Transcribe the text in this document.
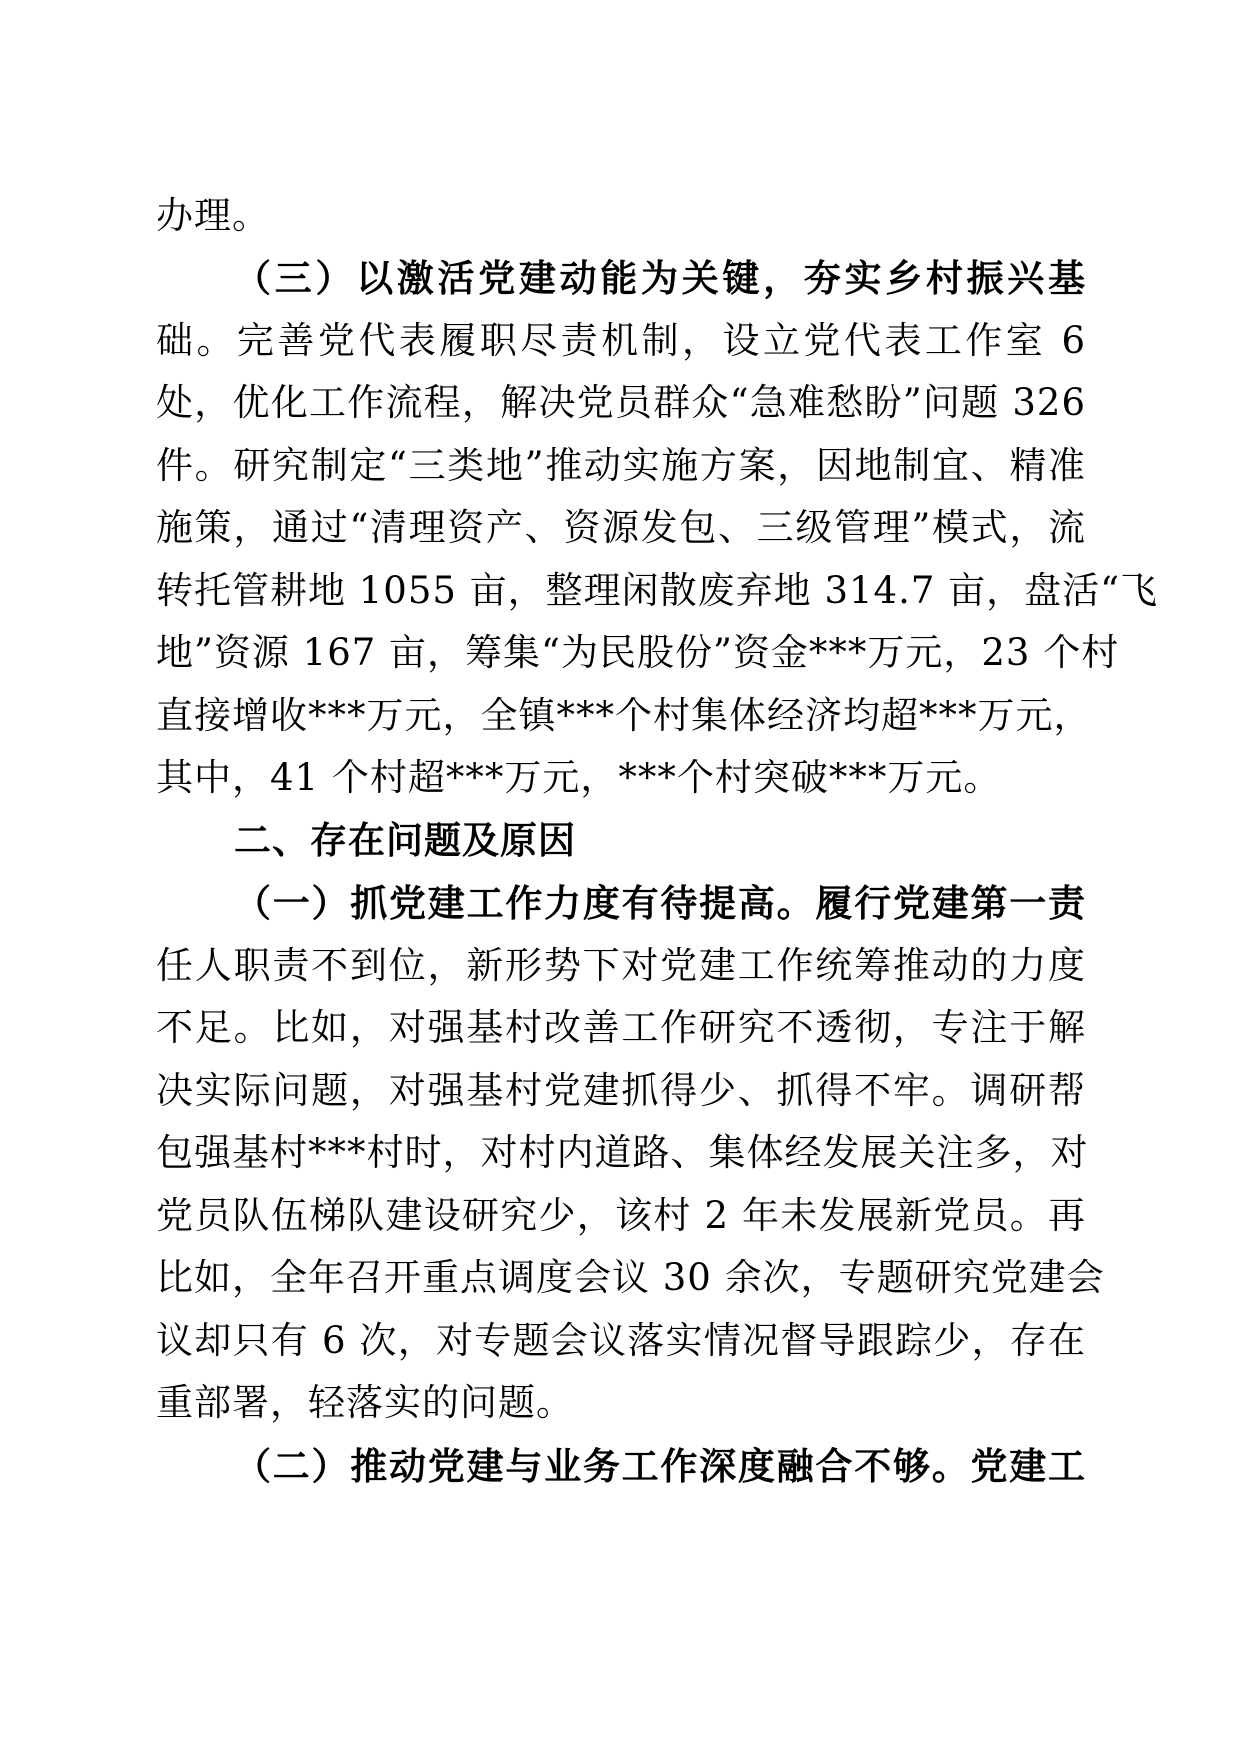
办理。
（三）以激活党建动能为关键，夯实乡村振兴基
础。完善党代表履职尽责机制，设立党代表工作室 6
处，优化工作流程，解决党员群众“急难愁盼”问题 326
件。研究制定“三类地”推动实施方案，因地制宜、精准
施策，通过“清理资产、资源发包、三级管理”模式，流
转托管耕地 1055 亩，整理闲散废弃地 314.7 亩，盘活“飞
地”资源 167 亩，筹集“为民股份”资金***万元，23 个村
直接增收***万元，全镇***个村集体经济均超***万元，
其中，41 个村超***万元，***个村突破***万元。
二、存在问题及原因
（一）抓党建工作力度有待提高。履行党建第一责
任人职责不到位，新形势下对党建工作统筹推动的力度
不足。比如，对强基村改善工作研究不透彻，专注于解
决实际问题，对强基村党建抓得少、抓得不牢。调研帮
包强基村***村时，对村内道路、集体经发展关注多，对
党员队伍梯队建设研究少，该村 2 年未发展新党员。再
比如，全年召开重点调度会议 30 余次，专题研究党建会
议却只有 6 次，对专题会议落实情况督导跟踪少，存在
重部署，轻落实的问题。
（二）推动党建与业务工作深度融合不够。党建工
